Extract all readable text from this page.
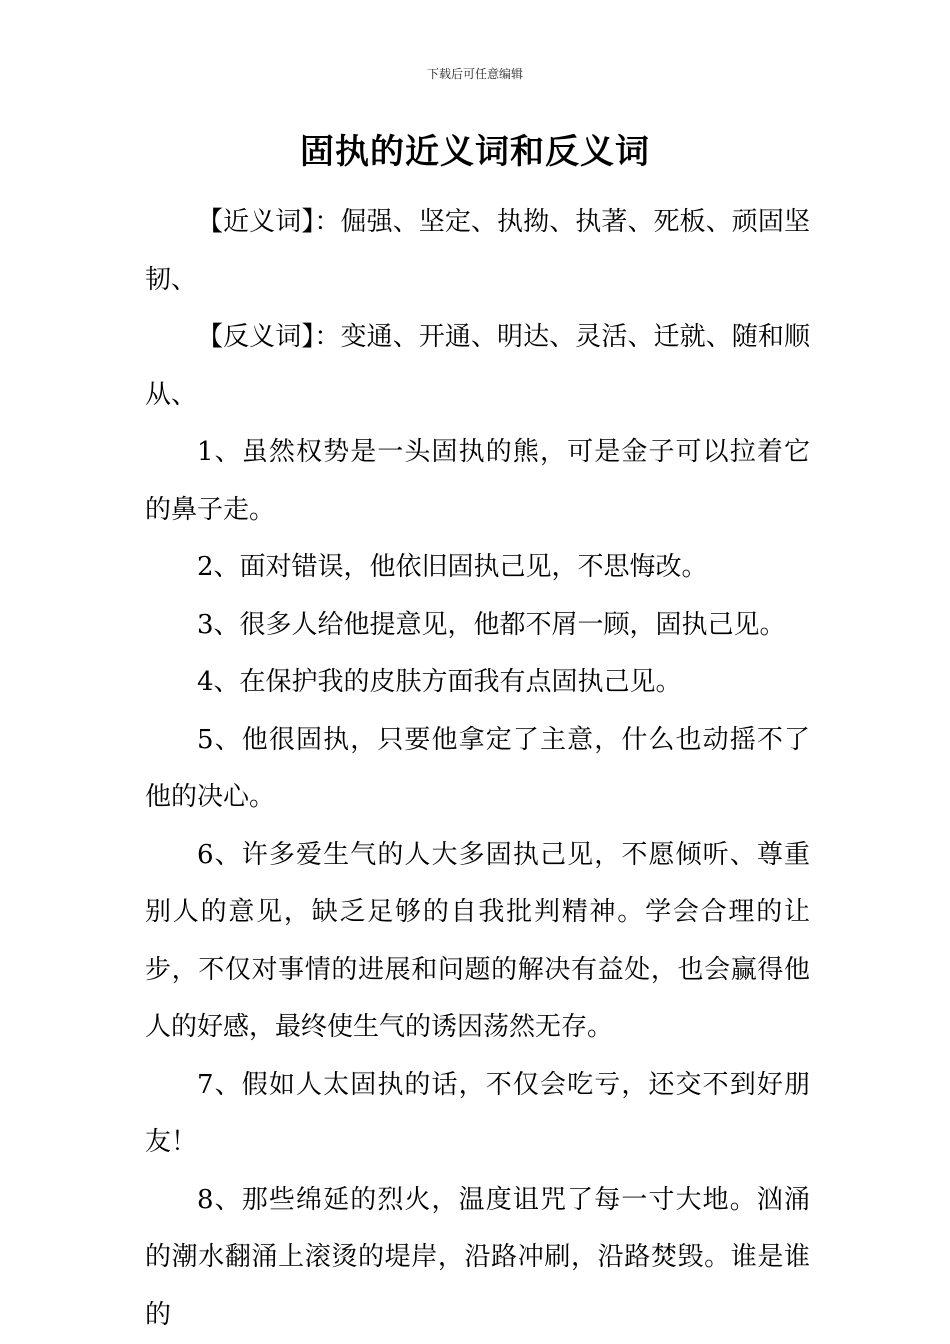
下载后可任意编辑
固执的近义词和反义词

【近义词】：倔强、坚定、执拗、执著、死板、顽固坚韧、

【反义词】：变通、开通、明达、灵活、迁就、随和顺从、

1、虽然权势是一头固执的熊，可是金子可以拉着它的鼻子走。

2、面对错误，他依旧固执己见，不思悔改。

3、很多人给他提意见，他都不屑一顾，固执己见。

4、在保护我的皮肤方面我有点固执己见。

5、他很固执，只要他拿定了主意，什么也动摇不了他的决心。

6、许多爱生气的人大多固执己见，不愿倾听、尊重别人的意见，缺乏足够的自我批判精神。学会合理的让步，不仅对事情的进展和问题的解决有益处，也会赢得他人的好感，最终使生气的诱因荡然无存。

7、假如人太固执的话，不仅会吃亏，还交不到好朋友！

8、那些绵延的烈火，温度诅咒了每一寸大地。汹涌的潮水翻涌上滚烫的堤岸，沿路冲刷，沿路焚毁。谁是谁的
